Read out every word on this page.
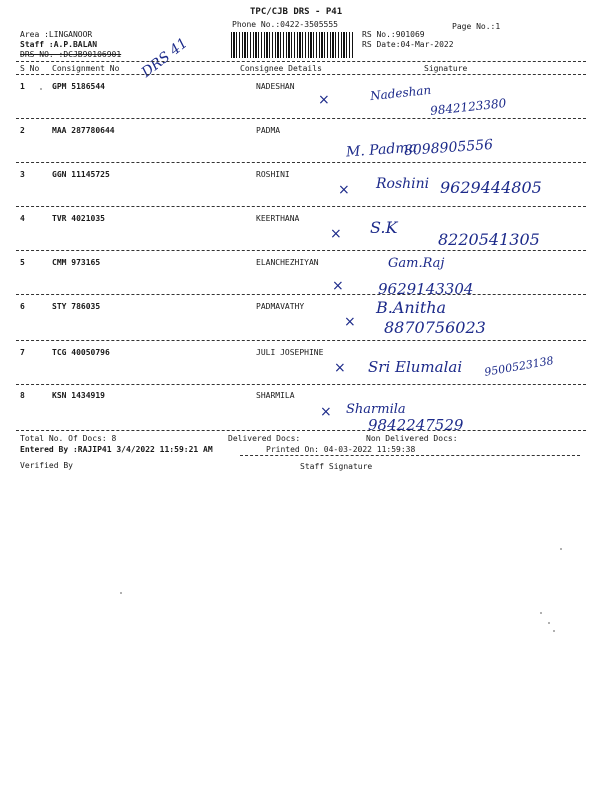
TPC/CJB DRS - P41
Phone No.:0422-3505555
Area :LINGANOOR
Staff :A.P.BALAN
DRS NO. :DCJB90106901
RS No.:901069
RS Date:04-Mar-2022
Page No.:1
DRS 41
S No Consignment No	Consignee Details	Signature
1	GPM 5186544	NADESHAN
×	Nadeshan
9842123380
2	MAA 287780644	PADMA
M. Padma
8098905556
3	GGN 11145725	ROSHINI
× Roshini 9629444805
4	TVR 4021035	KEERTHANA
× S.K
8220541305
5	CMM 973165	ELANCHEZHIYAN
×
Gam.Raj
9629143304
6	STY 786035	PADMAVATHY
×
B.Anitha
8870756023
7	TCG 40050796	JULI JOSEPHINE
× Sri Elumalai 9500523138
8	KSN 1434919	SHARMILA
× Sharmila
9842247529
Total No. Of Docs: 8	Delivered Docs:	Non Delivered Docs:
Entered By :RAJIP41 3/4/2022 11:59:21 AM	Printed On: 04-03-2022 11:59:38
Verified By	Staff Signature
